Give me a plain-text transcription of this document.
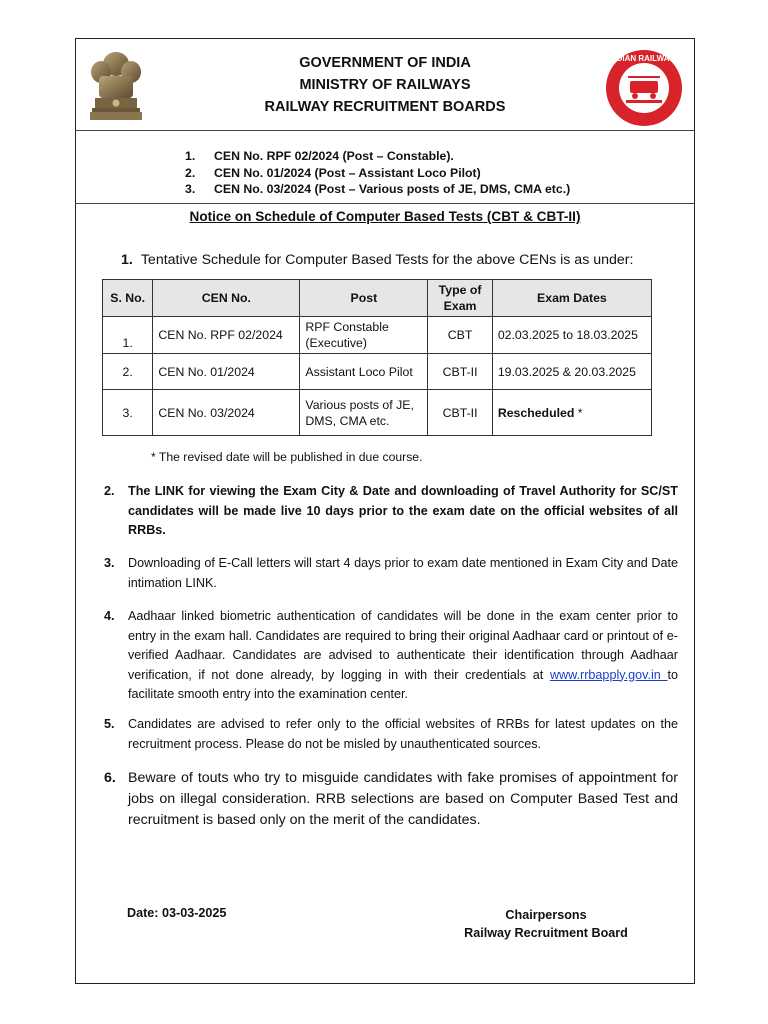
INDIAN RAILWAYS
GOVERNMENT OF INDIA
MINISTRY OF RAILWAYS
RAILWAY RECRUITMENT BOARDS
1.	CEN No. RPF 02/2024 (Post – Constable).
2.	CEN No. 01/2024 (Post – Assistant Loco Pilot)
3.	CEN No. 03/2024 (Post – Various posts of JE, DMS, CMA etc.)
Notice on Schedule of Computer Based Tests (CBT & CBT-II)
1. Tentative Schedule for Computer Based Tests for the above CENs is as under:
S. No.	CEN No.	Post	Type of Exam	Exam Dates
1.	CEN No. RPF 02/2024	RPF Constable (Executive)	CBT	02.03.2025 to 18.03.2025
2.	CEN No. 01/2024	Assistant Loco Pilot	CBT-II	19.03.2025 & 20.03.2025
3.	CEN No. 03/2024	Various posts of JE, DMS, CMA etc.	CBT-II	Rescheduled *
* The revised date will be published in due course.
2.	The LINK for viewing the Exam City & Date and downloading of Travel Authority for SC/ST candidates will be made live 10 days prior to the exam date on the official websites of all RRBs.
3.	Downloading of E-Call letters will start 4 days prior to exam date mentioned in Exam City and Date intimation LINK.
4.	Aadhaar linked biometric authentication of candidates will be done in the exam center prior to entry in the exam hall. Candidates are required to bring their original Aadhaar card or printout of e-verified Aadhaar. Candidates are advised to authenticate their identification through Aadhaar verification, if not done already, by logging in with their credentials at www.rrbapply.gov.in to facilitate smooth entry into the examination center.
5.	Candidates are advised to refer only to the official websites of RRBs for latest updates on the recruitment process. Please do not be misled by unauthenticated sources.
6. Beware of touts who try to misguide candidates with fake promises of appointment for jobs on illegal consideration. RRB selections are based on Computer Based Test and recruitment is based only on the merit of the candidates.
Date: 03-03-2025	Chairpersons
Railway Recruitment Board
